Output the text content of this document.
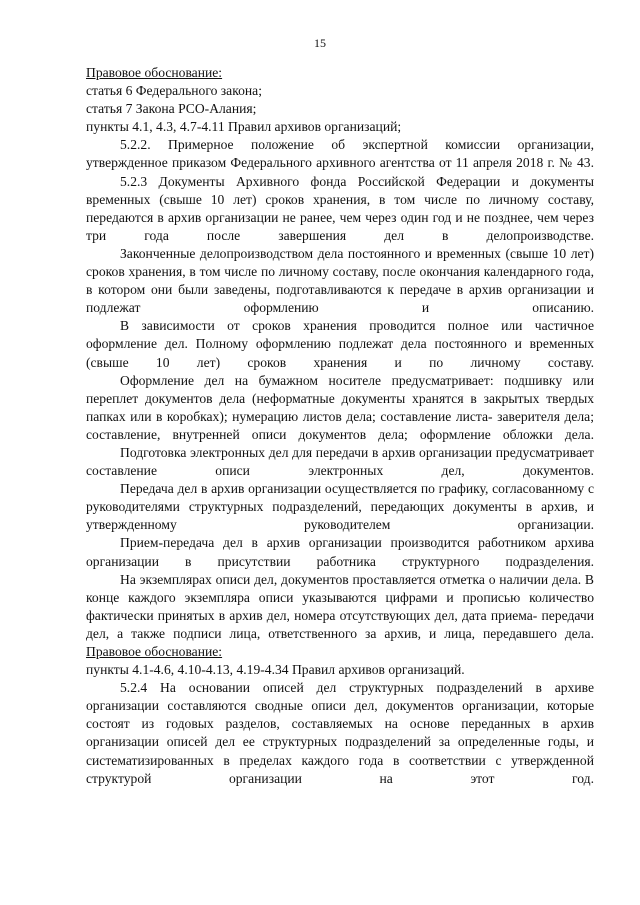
15

Правовое обоснование:

статья 6 Федерального закона;

статья 7 Закона РСО-Алания;

пункты 4.1, 4.3, 4.7-4.11 Правил архивов организаций;

5.2.2. Примерное положение об экспертной комиссии организации, утвержденное приказом Федерального архивного агентства от 11 апреля 2018 г. № 43.

5.2.3 Документы Архивного фонда Российской Федерации и документы временных (свыше 10 лет) сроков хранения, в том числе по личному составу, передаются в архив организации не ранее, чем через один год и не позднее, чем через три года после завершения дел в делопроизводстве.

Законченные делопроизводством дела постоянного и временных (свыше 10 лет) сроков хранения, в том числе по личному составу, после окончания календарного года, в котором они были заведены, подготавливаются к передаче в архив организации и подлежат оформлению и описанию.

В зависимости от сроков хранения проводится полное или частичное оформление дел. Полному оформлению подлежат дела постоянного и временных (свыше 10 лет) сроков хранения и по личному составу.

Оформление дел на бумажном носителе предусматривает: подшивку или переплет документов дела (неформатные документы хранятся в закрытых твердых папках или в коробках); нумерацию листов дела; составление листа- заверителя дела; составление, внутренней описи документов дела; оформление обложки дела.

Подготовка электронных дел для передачи в архив организации предусматривает составление описи электронных дел, документов.

Передача дел в архив организации осуществляется по графику, согласованному с руководителями структурных подразделений, передающих документы в архив, и утвержденному руководителем организации.

Прием-передача дел в архив организации производится работником архива организации в присутствии работника структурного подразделения.

На экземплярах описи дел, документов проставляется отметка о наличии дела. В конце каждого экземпляра описи указываются цифрами и прописью количество фактически принятых в архив дел, номера отсутствующих дел, дата приема- передачи дел, а также подписи лица, ответственного за архив, и лица, передавшего дела.

Правовое обоснование:

пункты 4.1-4.6, 4.10-4.13, 4.19-4.34 Правил архивов организаций.

5.2.4 На основании описей дел структурных подразделений в архиве организации составляются сводные описи дел, документов организации, которые состоят из годовых разделов, составляемых на основе переданных в архив организации описей дел ее структурных подразделений за определенные годы, и систематизированных в пределах каждого года в соответствии с утвержденной структурой организации на этот год.
